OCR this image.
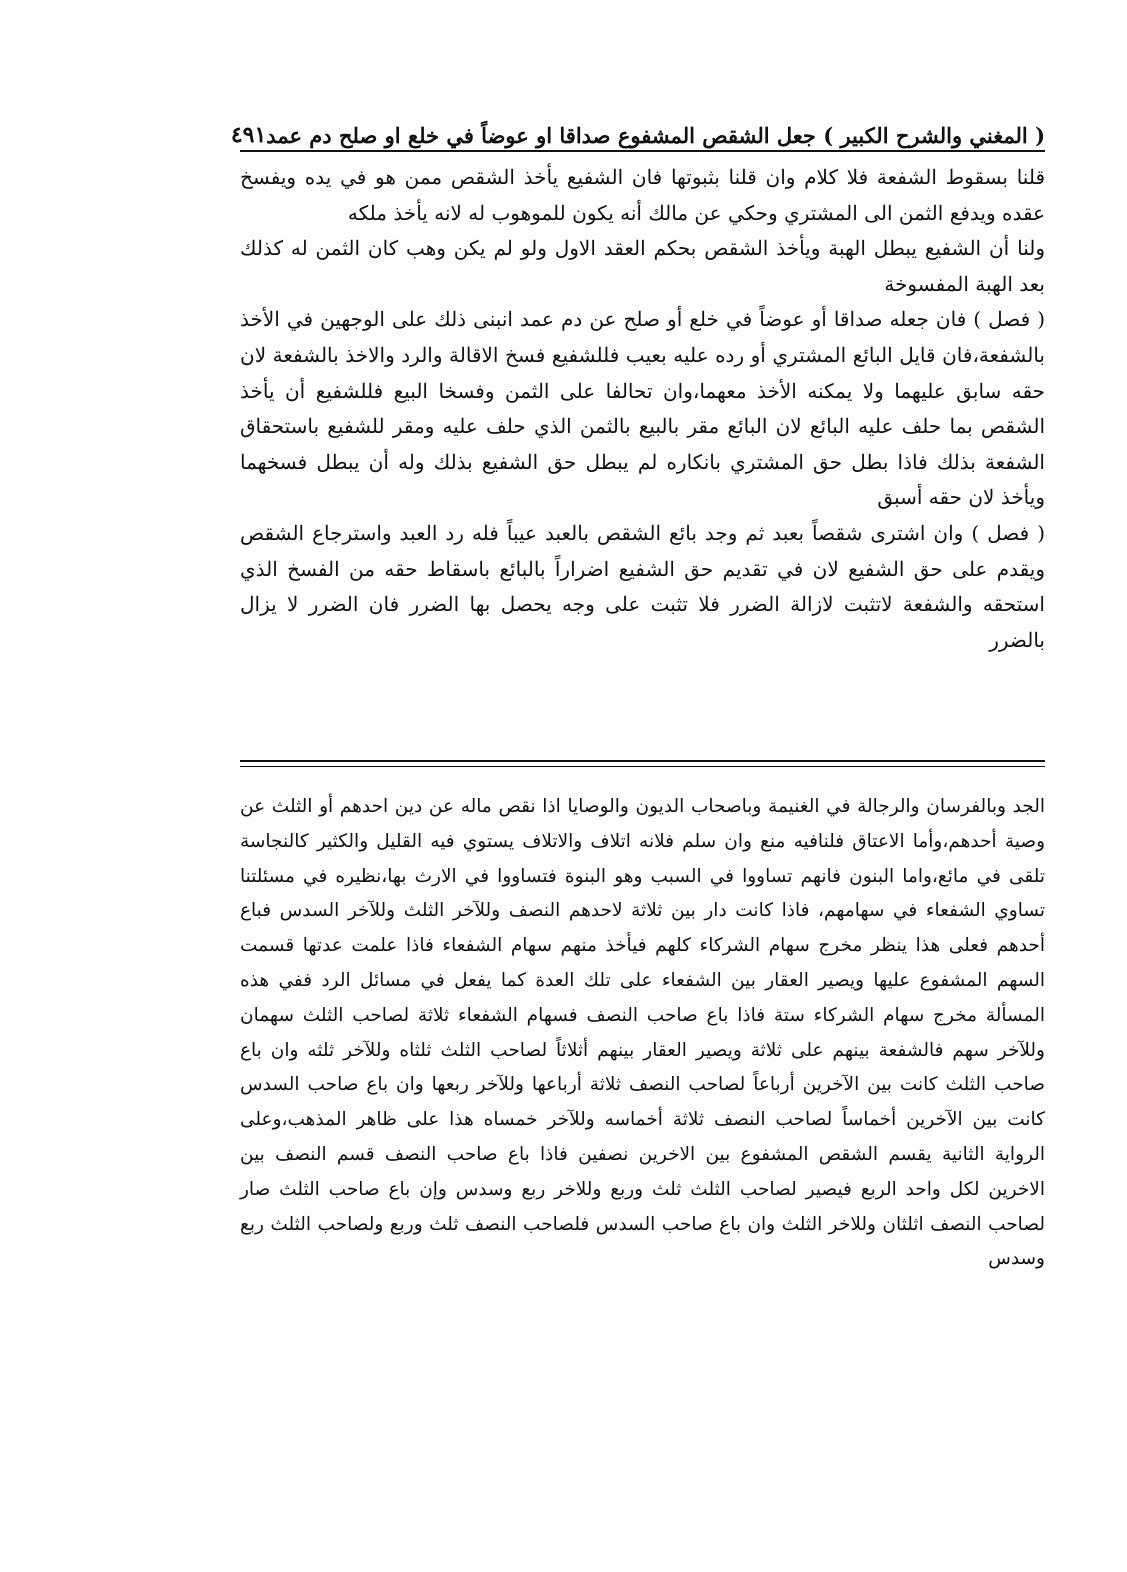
( المغني والشرح الكبير ) جعل الشقص المشفوع صداقا او عوضاً في خلع او صلح دم عمد
٤٩١

قلنا بسقوط الشفعة فلا كلام وان قلنا بثبوتها فان الشفيع يأخذ الشقص ممن هو في يده ويفسخ عقده ويدفع الثمن الى المشتري وحكي عن مالك أنه يكون للموهوب له لانه يأخذ ملكه

ولنا أن الشفيع يبطل الهبة ويأخذ الشقص بحكم العقد الاول ولو لم يكن وهب كان الثمن له كذلك بعد الهبة المفسوخة

( فصل ) فان جعله صداقا أو عوضاً في خلع أو صلح عن دم عمد انبنى ذلك على الوجهين في الأخذ بالشفعة،فان قايل البائع المشتري أو رده عليه بعيب فللشفيع فسخ الاقالة والرد والاخذ بالشفعة لان حقه سابق عليهما ولا يمكنه الأخذ معهما،وان تحالفا على الثمن وفسخا البيع فللشفيع أن يأخذ الشقص بما حلف عليه البائع لان البائع مقر بالبيع بالثمن الذي حلف عليه ومقر للشفيع باستحقاق الشفعة بذلك فاذا بطل حق المشتري بانكاره لم يبطل حق الشفيع بذلك وله أن يبطل فسخهما ويأخذ لان حقه أسبق

( فصل ) وان اشترى شقصاً بعبد ثم وجد بائع الشقص بالعبد عيباً فله رد العبد واسترجاع الشقص ويقدم على حق الشفيع لان في تقديم حق الشفيع اضراراً بالبائع باسقاط حقه من الفسخ الذي استحقه والشفعة لاتثبت لازالة الضرر فلا تثبت على وجه يحصل بها الضرر فان الضرر لا يزال بالضرر

الجد وبالفرسان والرجالة في الغنيمة وباصحاب الديون والوصايا اذا نقص ماله عن دين احدهم أو الثلث عن وصية أحدهم،وأما الاعتاق فلنافيه منع وان سلم فلانه اتلاف والاتلاف يستوي فيه القليل والكثير كالنجاسة تلقى في مائع،واما البنون فانهم تساووا في السبب وهو البنوة فتساووا في الارث بها،نظيره في مسئلتنا تساوي الشفعاء في سهامهم، فاذا كانت دار بين ثلاثة لاحدهم النصف وللآخر الثلث وللآخر السدس فباع أحدهم فعلى هذا ينظر مخرج سهام الشركاء كلهم فيأخذ منهم سهام الشفعاء فاذا علمت عدتها قسمت السهم المشفوع عليها ويصير العقار بين الشفعاء على تلك العدة كما يفعل في مسائل الرد ففي هذه المسألة مخرج سهام الشركاء ستة فاذا باع صاحب النصف فسهام الشفعاء ثلاثة لصاحب الثلث سهمان وللآخر سهم فالشفعة بينهم على ثلاثة ويصير العقار بينهم أثلاثاً لصاحب الثلث ثلثاه وللآخر ثلثه وان باع صاحب الثلث كانت بين الآخرين أرباعاً لصاحب النصف ثلاثة أرباعها وللآخر ربعها وان باع صاحب السدس كانت بين الآخرين أخماساً لصاحب النصف ثلاثة أخماسه وللآخر خمساه هذا على ظاهر المذهب،وعلى الرواية الثانية يقسم الشقص المشفوع بين الاخرين نصفين فاذا باع صاحب النصف قسم النصف بين الاخرين لكل واحد الربع فيصير لصاحب الثلث ثلث وربع وللاخر ربع وسدس وإن باع صاحب الثلث صار لصاحب النصف اثلثان وللاخر الثلث وان باع صاحب السدس فلصاحب النصف ثلث وربع ولصاحب الثلث ربع وسدس
